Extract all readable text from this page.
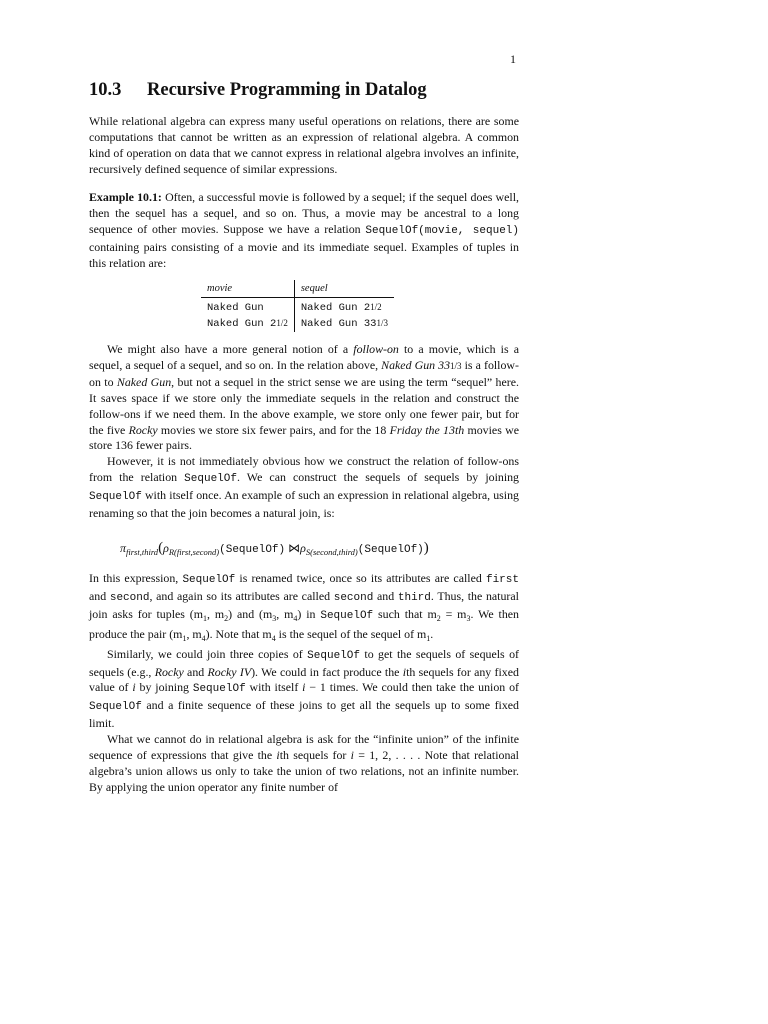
1
10.3 Recursive Programming in Datalog

While relational algebra can express many useful operations on relations, there are some computations that cannot be written as an expression of relational algebra. A common kind of operation on data that we cannot express in relational algebra involves an infinite, recursively defined sequence of similar expressions.

Example 10.1: Often, a successful movie is followed by a sequel; if the sequel does well, then the sequel has a sequel, and so on. Thus, a movie may be ancestral to a long sequence of other movies. Suppose we have a relation SequelOf(movie, sequel) containing pairs consisting of a movie and its immediate sequel. Examples of tuples in this relation are:

movie	sequel
Naked Gun	Naked Gun 21/2
Naked Gun 21/2	Naked Gun 331/3

We might also have a more general notion of a follow-on to a movie, which is a sequel, a sequel of a sequel, and so on. In the relation above, Naked Gun 331/3 is a follow-on to Naked Gun, but not a sequel in the strict sense we are using the term “sequel” here. It saves space if we store only the immediate sequels in the relation and construct the follow-ons if we need them. In the above example, we store only one fewer pair, but for the five Rocky movies we store six fewer pairs, and for the 18 Friday the 13th movies we store 136 fewer pairs.

However, it is not immediately obvious how we construct the relation of follow-ons from the relation SequelOf. We can construct the sequels of sequels by joining SequelOf with itself once. An example of such an expression in relational algebra, using renaming so that the join becomes a natural join, is:

$\pi_{first,third}(\rho_{R(first,second)}(SequelOf)$ $⋈\rho_{S(second,third)}(SequelOf)$)

In this expression, SequelOf is renamed twice, once so its attributes are called first and second, and again so its attributes are called second and third. Thus, the natural join asks for tuples ($m_1$, $m_2$) and ($m_3$, $m_4$) in SequelOf such that $m_2 = m_3$. We then produce the pair ($m_1$, $m_4$). Note that $m_4$ is the sequel of the sequel of $m_1$.

Similarly, we could join three copies of SequelOf to get the sequels of sequels of sequels (e.g., Rocky and Rocky IV). We could in fact produce the ith sequels for any fixed value of i by joining SequelOf with itself i − 1 times. We could then take the union of SequelOf and a finite sequence of these joins to get all the sequels up to some fixed limit.

What we cannot do in relational algebra is ask for the “infinite union” of the infinite sequence of expressions that give the ith sequels for i = 1, 2, . . . . Note that relational algebra’s union allows us only to take the union of two relations, not an infinite number. By applying the union operator any finite number of
